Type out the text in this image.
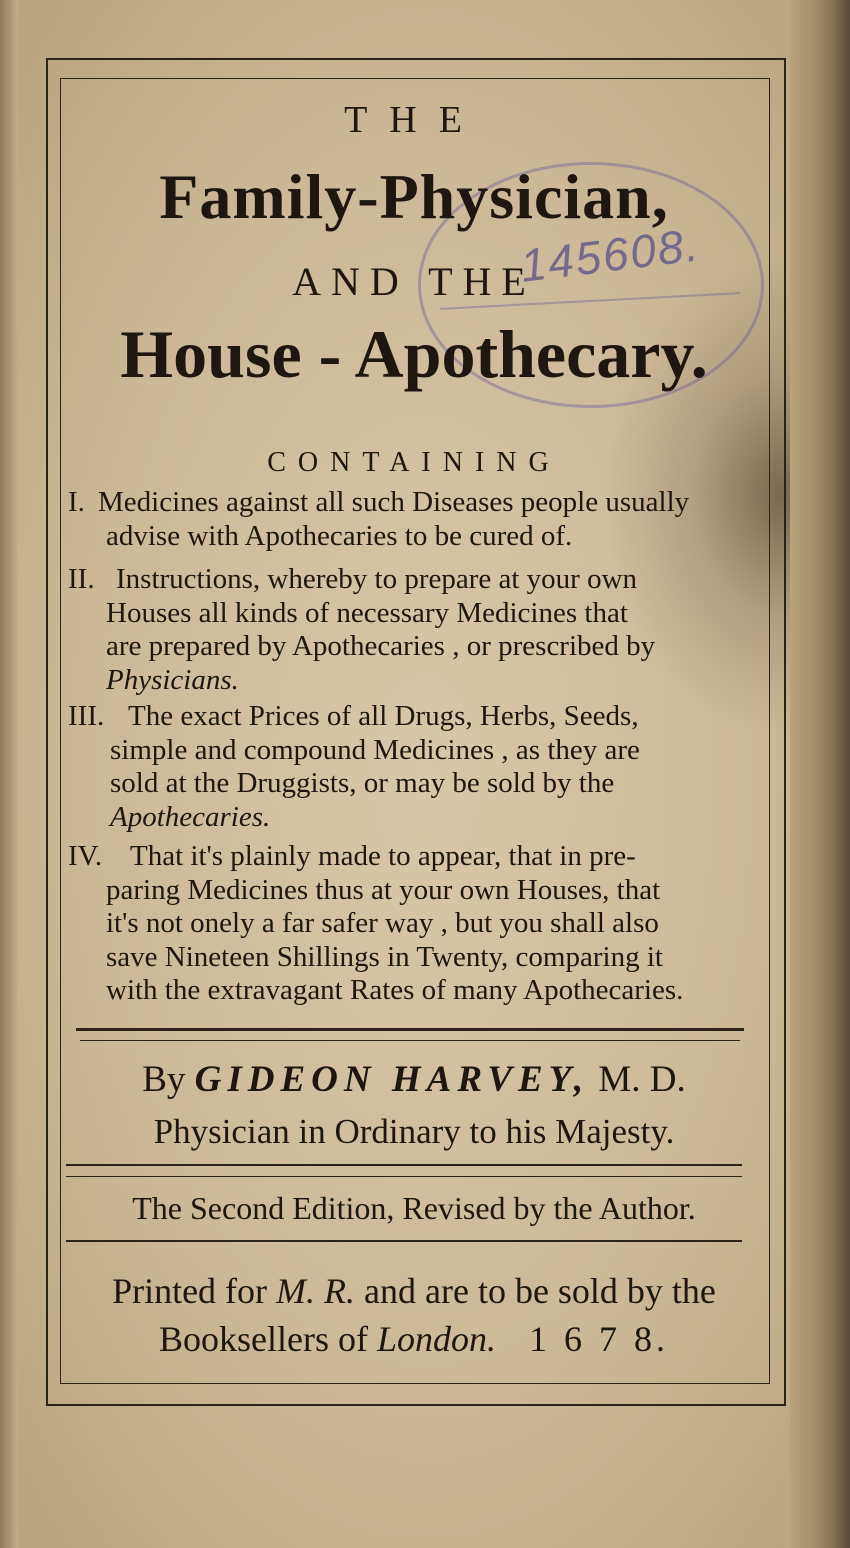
145608.
THE
Family-Physician,
AND THE
House - Apothecary.
CONTAINING
I. Medicines against all such Diseases people usually
advise with Apothecaries to be cured of.
II. Instructions, whereby to prepare at your own
Houses all kinds of necessary Medicines that
are prepared by Apothecaries , or prescribed by
Physicians.
III. The exact Prices of all Drugs, Herbs, Seeds,
simple and compound Medicines , as they are
sold at the Druggists, or may be sold by the
Apothecaries.
IV. That it's plainly made to appear, that in pre-
paring Medicines thus at your own Houses, that
it's not onely a far safer way , but you shall also
save Nineteen Shillings in Twenty, comparing it
with the extravagant Rates of many Apothecaries.
By GIDEON HARVEY, M. D.
Physician in Ordinary to his Majesty.
The Second Edition, Revised by the Author.
Printed for M. R. and are to be sold by the
Booksellers of London. 1 6 7 8.
